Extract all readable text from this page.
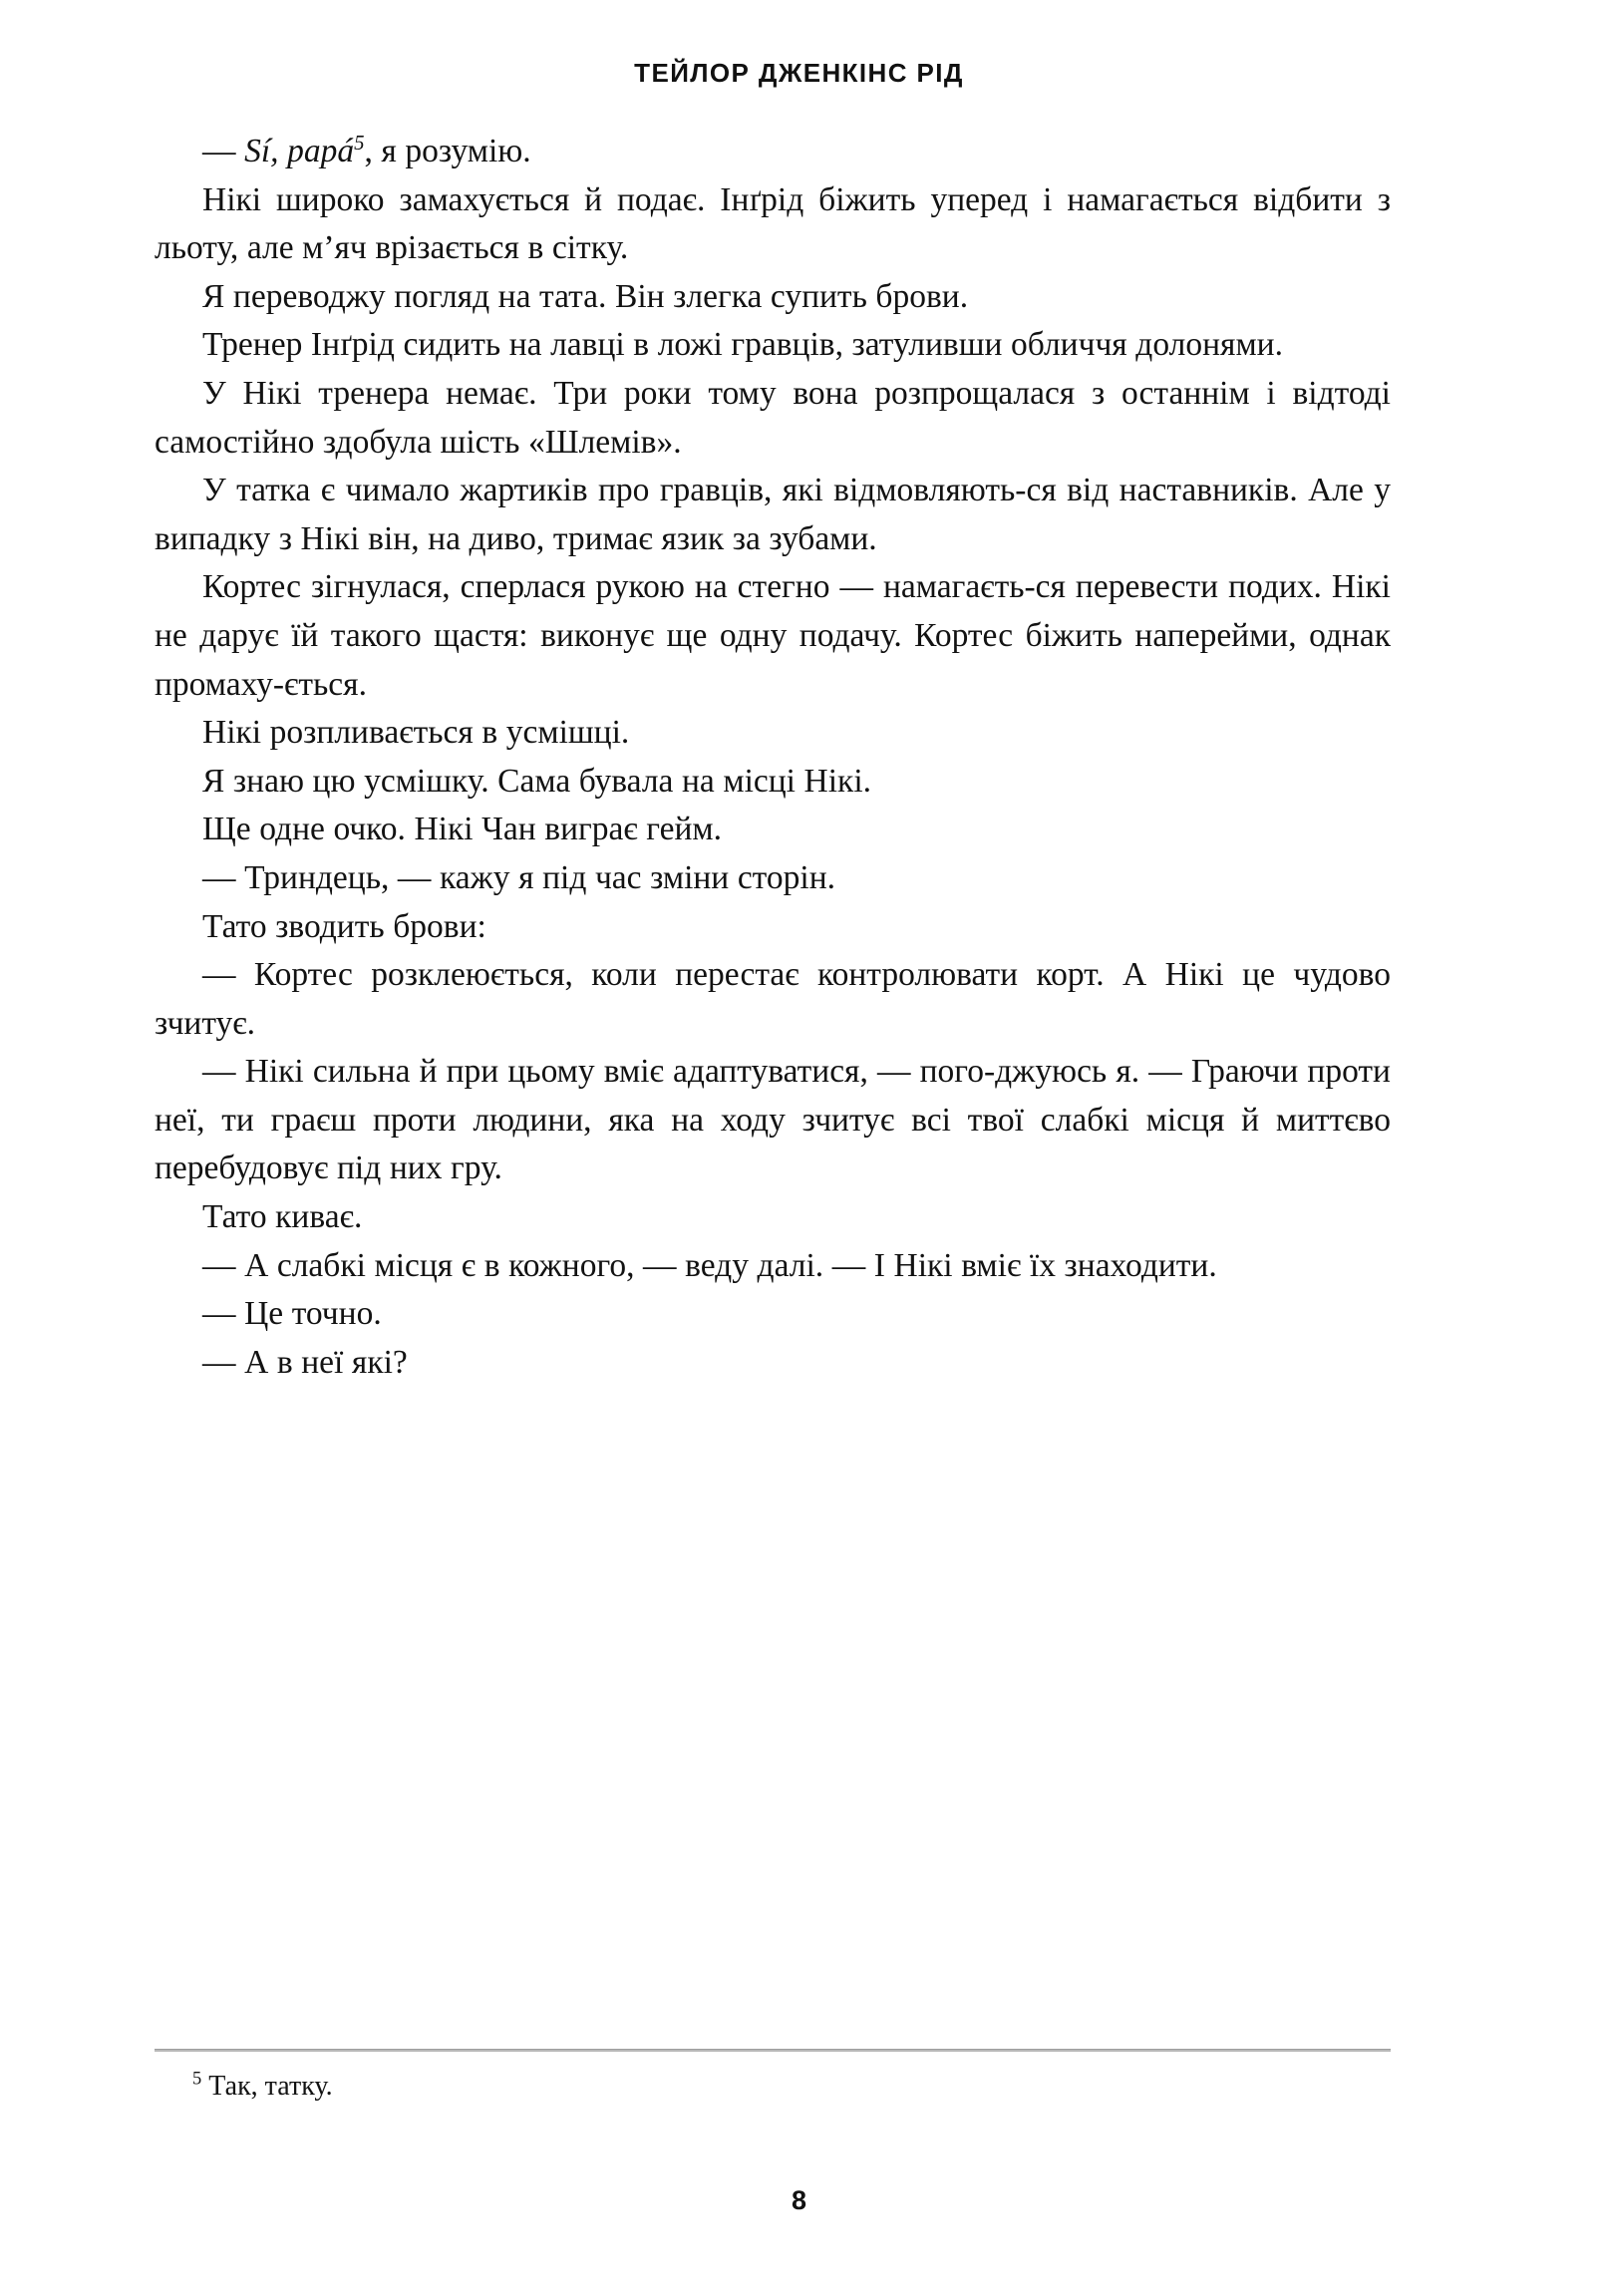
ТЕЙЛОР ДЖЕНКІНС РІД

— Sí, papá$^5$, я розумію.

Нікі широко замахується й подає. Інґрід біжить уперед і намагається відбити з льоту, але м’яч врізається в сітку.

Я переводжу погляд на тата. Він злегка супить брови.

Тренер Інґрід сидить на лавці в ложі гравців, затуливши обличчя долонями.

У Нікі тренера немає. Три роки тому вона розпрощалася з останнім і відтоді самостійно здобула шість «Шлемів».

У татка є чимало жартиків про гравців, які відмовляють-ся від наставників. Але у випадку з Нікі він, на диво, тримає язик за зубами.

Кортес зігнулася, сперлася рукою на стегно — намагаєть-ся перевести подих. Нікі не дарує їй такого щастя: виконує ще одну подачу. Кортес біжить наперейми, однак промаху-ється.

Нікі розпливається в усмішці.

Я знаю цю усмішку. Сама бувала на місці Нікі.

Ще одне очко. Нікі Чан виграє гейм.

— Триндець, — кажу я під час зміни сторін.

Тато зводить брови:

— Кортес розклеюється, коли перестає контролювати корт. А Нікі це чудово зчитує.

— Нікі сильна й при цьому вміє адаптуватися, — пого-джуюсь я. — Граючи проти неї, ти граєш проти людини, яка на ходу зчитує всі твої слабкі місця й миттєво перебудовує під них гру.

Тато киває.

— А слабкі місця є в кожного, — веду далі. — І Нікі вміє їх знаходити.

— Це точно.

— А в неї які?

$^5$ Так, татку.

8
